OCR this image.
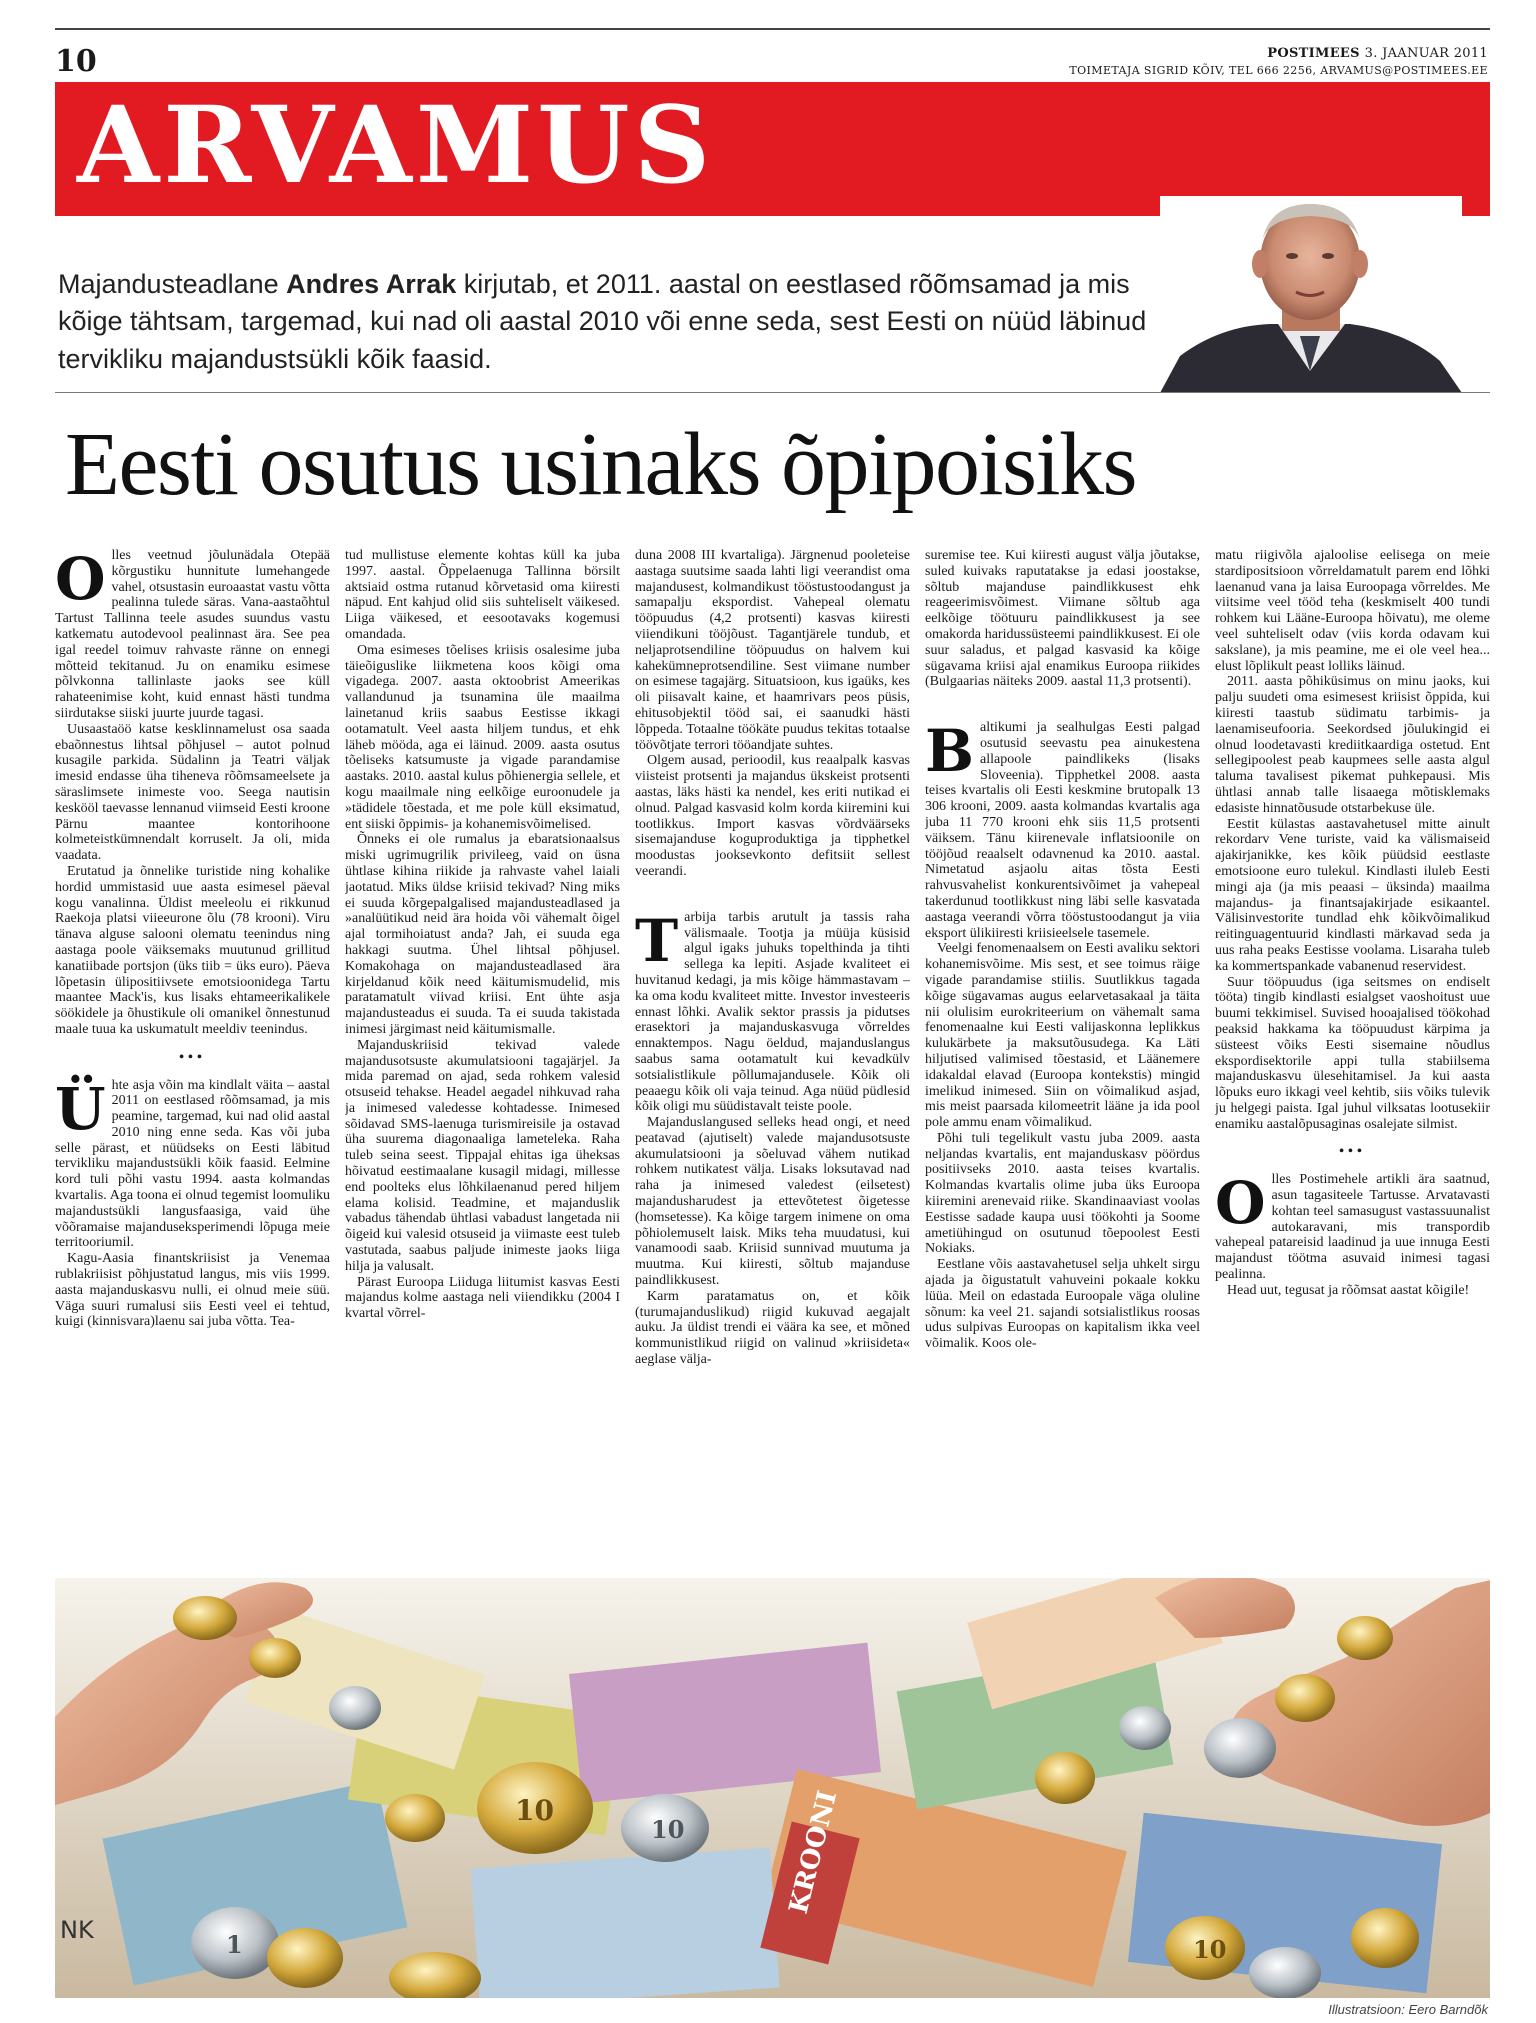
10	POSTIMEES 3. JAANUAR 2011
TOIMETAJA SIGRID KÕIV, TEL 666 2256, ARVAMUS@POSTIMEES.EE
ARVAMUS
Majandusteadlane Andres Arrak kirjutab, et 2011. aastal on eestlased rõõmsamad ja mis kõige tähtsam, targemad, kui nad oli aastal 2010 või enne seda, sest Eesti on nüüd läbinud tervikliku majandustsükli kõik faasid.
Eesti osutus usinaks õpipoisiks

Olles veetnud jõulunädala Otepää kõrgustiku hunnitute lumehangede vahel, otsustasin euroaastat vastu võtta pealinna tulede säras. Vana-aastaõhtul Tartust Tallinna teele asudes suundus vastu katkematu autodevool pealinnast ära. See pea igal reedel toimuv rahvaste ränne on ennegi mõtteid tekitanud. Ju on enamiku esimese põlvkonna tallinlaste jaoks see küll rahateenimise koht, kuid ennast hästi tundma siirdutakse siiski juurte juurde tagasi.

Uusaastaöö katse kesklinnamelust osa saada ebaõnnestus lihtsal põhjusel – autot polnud kusagile parkida. Südalinn ja Teatri väljak imesid endasse üha tiheneva rõõmsameelsete ja säraslimsete inimeste voo. Seega nautisin keskööl taevasse lennanud viimseid Eesti kroone Pärnu maantee kontorihoone kolmeteistkümnendalt korruselt. Ja oli, mida vaadata.

Erutatud ja õnnelike turistide ning kohalike hordid ummistasid uue aasta esimesel päeval kogu vanalinna. Üldist meeleolu ei rikkunud Raekoja platsi viieeurone õlu (78 krooni). Viru tänava alguse salooni olematu teenindus ning aastaga poole väiksemaks muutunud grillitud kanatiibade portsjon (üks tiib = üks euro). Päeva lõpetasin ülipositiivsete emotsioonidega Tartu maantee Mack'is, kus lisaks ehtameerikalikele söökidele ja õhustikule oli omanikel õnnestunud maale tuua ka uskumatult meeldiv teenindus.

•••

Ühte asja võin ma kindlalt väita – aastal 2011 on eestlased rõõmsamad, ja mis peamine, targemad, kui nad olid aastal 2010 ning enne seda. Kas või juba selle pärast, et nüüdseks on Eesti läbitud tervikliku majandustsükli kõik faasid. Eelmine kord tuli põhi vastu 1994. aasta kolmandas kvartalis. Aga toona ei olnud tegemist loomuliku majandustsükli langusfaasiga, vaid ühe võõramaise majanduseksperimendi lõpuga meie territooriumil.

Kagu-Aasia finantskriisist ja Venemaa rublakriisist põhjustatud langus, mis viis 1999. aasta majanduskasvu nulli, ei olnud meie süü. Väga suuri rumalusi siis Eesti veel ei tehtud, kuigi (kinnisvara)laenu sai juba võtta. Tea-

tud mullistuse elemente kohtas küll ka juba 1997. aastal. Õppelaenuga Tallinna börsilt aktsiaid ostma rutanud kõrvetasid oma kiiresti näpud. Ent kahjud olid siis suhteliselt väikesed. Liiga väikesed, et eesootavaks kogemusi omandada.

Oma esimeses tõelises kriisis osalesime juba täieõiguslike liikmetena koos kõigi oma vigadega. 2007. aasta oktoobrist Ameerikas vallandunud ja tsunamina üle maailma lainetanud kriis saabus Eestisse ikkagi ootamatult. Veel aasta hiljem tundus, et ehk läheb mööda, aga ei läinud. 2009. aasta osutus tõeliseks katsumuste ja vigade parandamise aastaks. 2010. aastal kulus põhienergia sellele, et kogu maailmale ning eelkõige euroonudele ja »tädidele tõestada, et me pole küll eksimatud, ent siiski õppimis- ja kohanemisvõimelised.

Õnneks ei ole rumalus ja ebaratsionaalsus miski ugrimugrilik privileeg, vaid on üsna ühtlase kihina riikide ja rahvaste vahel laiali jaotatud. Miks üldse kriisid tekivad? Ning miks ei suuda kõrgepalgalised majandusteadlased ja »analüütikud neid ära hoida või vähemalt õigel ajal tormihoiatust anda? Jah, ei suuda ega hakkagi suutma. Ühel lihtsal põhjusel. Komakohaga on majandusteadlased ära kirjeldanud kõik need käitumismudelid, mis paratamatult viivad kriisi. Ent ühte asja majandusteadus ei suuda. Ta ei suuda takistada inimesi järgimast neid käitumismalle.

Majanduskriisid tekivad valede majandusotsuste akumulatsiooni tagajärjel. Ja mida paremad on ajad, seda rohkem valesid otsuseid tehakse. Headel aegadel nihkuvad raha ja inimesed valedesse kohtadesse. Inimesed sõidavad SMS-laenuga turismireisile ja ostavad üha suurema diagonaaliga lameteleka. Raha tuleb seina seest. Tippajal ehitas iga üheksas hõivatud eestimaalane kusagil midagi, millesse end poolteks elus lõhkilaenanud pered hiljem elama kolisid. Teadmine, et majanduslik vabadus tähendab ühtlasi vabadust langetada nii õigeid kui valesid otsuseid ja viimaste eest tuleb vastutada, saabus paljude inimeste jaoks liiga hilja ja valusalt.

Pärast Euroopa Liiduga liitumist kasvas Eesti majandus kolme aastaga neli viiendikku (2004 I kvartal võrrel-

duna 2008 III kvartaliga). Järgnenud pooleteise aastaga suutsime saada lahti ligi veerandist oma majandusest, kolmandikust tööstustoodangust ja samapalju ekspordist. Vahepeal olematu tööpuudus (4,2 protsenti) kasvas kiiresti viiendikuni tööjõust. Tagantjärele tundub, et neljaprotsendiline tööpuudus on halvem kui kahekümneprotsendiline. Sest viimane number on esimese tagajärg. Situatsioon, kus igaüks, kes oli piisavalt kaine, et haamrivars peos püsis, ehitusobjektil tööd sai, ei saanudki hästi lõppeda. Totaalne töökäte puudus tekitas totaalse töövõtjate terrori tööandjate suhtes.

Olgem ausad, perioodil, kus reaalpalk kasvas viisteist protsenti ja majandus ükskeist protsenti aastas, läks hästi ka nendel, kes eriti nutikad ei olnud. Palgad kasvasid kolm korda kiiremini kui tootlikkus. Import kasvas võrdväärseks sisemajanduse koguproduktiga ja tipphetkel moodustas jooksevkonto defitsiit sellest veerandi.

Tarbija tarbis arutult ja tassis raha välismaale. Tootja ja müüja küsisid algul igaks juhuks topelthinda ja tihti sellega ka lepiti. Asjade kvaliteet ei huvitanud kedagi, ja mis kõige hämmastavam – ka oma kodu kvaliteet mitte. Investor investeeris ennast lõhki. Avalik sektor prassis ja pidutses erasektori ja majanduskasvuga võrreldes ennaktempos. Nagu öeldud, majanduslangus saabus sama ootamatult kui kevadkülv sotsialistlikule põllumajandusele. Kõik oli peaaegu kõik oli vaja teinud. Aga nüüd püdlesid kõik oligi mu süüdistavalt teiste poole.

Majanduslangused selleks head ongi, et need peatavad (ajutiselt) valede majandusotsuste akumulatsiooni ja sõeluvad vähem nutikad rohkem nutikatest välja. Lisaks loksutavad nad raha ja inimesed valedest (eilsetest) majandusharudest ja ettevõtetest õigetesse (homsetesse). Ka kõige targem inimene on oma põhiolemuselt laisk. Miks teha muudatusi, kui vanamoodi saab. Kriisid sunnivad muutuma ja muutma. Kui kiiresti, sõltub majanduse paindlikkusest.

Karm paratamatus on, et kõik (turumajanduslikud) riigid kukuvad aegajalt auku. Ja üldist trendi ei väära ka see, et mõned kommunistlikud riigid on valinud »kriisideta« aeglase välja-

suremise tee. Kui kiiresti august välja jõutakse, suled kuivaks raputatakse ja edasi joostakse, sõltub majanduse paindlikkusest ehk reageerimisvõimest. Viimane sõltub aga eelkõige töötuuru paindlikkusest ja see omakorda haridussüsteemi paindlikkusest. Ei ole suur saladus, et palgad kasvasid ka kõige sügavama kriisi ajal enamikus Euroopa riikides (Bulgaarias näiteks 2009. aastal 11,3 protsenti).

Baltikumi ja sealhulgas Eesti palgad osutusid seevastu pea ainukestena allapoole paindlikeks (lisaks Sloveenia). Tipphetkel 2008. aasta teises kvartalis oli Eesti keskmine brutopalk 13 306 krooni, 2009. aasta kolmandas kvartalis aga juba 11 770 krooni ehk siis 11,5 protsenti väiksem. Tänu kiirenevale inflatsioonile on tööjõud reaalselt odavnenud ka 2010. aastal. Nimetatud asjaolu aitas tõsta Eesti rahvusvahelist konkurentsivõimet ja vahepeal takerdunud tootlikkust ning läbi selle kasvatada aastaga veerandi võrra tööstustoodangut ja viia eksport ülikiiresti kriisieelsele tasemele.

Veelgi fenomenaalsem on Eesti avaliku sektori kohanemisvõime. Mis sest, et see toimus räige vigade parandamise stiilis. Suutlikkus tagada kõige sügavamas augus eelarvetasakaal ja täita nii olulisim eurokriteerium on vähemalt sama fenomenaalne kui Eesti valijaskonna leplikkus kulukärbete ja maksutõusudega. Ka Läti hiljutised valimised tõestasid, et Läänemere idakaldal elavad (Euroopa kontekstis) mingid imelikud inimesed. Siin on võimalikud asjad, mis meist paarsada kilomeetrit lääne ja ida pool pole ammu enam võimalikud.

Põhi tuli tegelikult vastu juba 2009. aasta neljandas kvartalis, ent majanduskasv pöördus positiivseks 2010. aasta teises kvartalis. Kolmandas kvartalis olime juba üks Euroopa kiiremini arenevaid riike. Skandinaaviast voolas Eestisse sadade kaupa uusi töökohti ja Soome ametiühingud on osutunud tõepoolest Eesti Nokiaks.

Eestlane võis aastavahetusel selja uhkelt sirgu ajada ja õigustatult vahuveini pokaale kokku lüüa. Meil on edastada Euroopale väga oluline sõnum: ka veel 21. sajandi sotsialistlikus roosas udus sulpivas Euroopas on kapitalism ikka veel võimalik. Koos ole-

matu riigivõla ajaloolise eelisega on meie stardipositsioon võrreldamatult parem end lõhki laenanud vana ja laisa Euroopaga võrreldes. Me viitsime veel tööd teha (keskmiselt 400 tundi rohkem kui Lääne-Euroopa hõivatu), me oleme veel suhteliselt odav (viis korda odavam kui sakslane), ja mis peamine, me ei ole veel hea... elust lõplikult peast lolliks läinud.

2011. aasta põhiküsimus on minu jaoks, kui palju suudeti oma esimesest kriisist õppida, kui kiiresti taastub südimatu tarbimis- ja laenamiseufooria. Seekordsed jõulukingid ei olnud loodetavasti krediitkaardiga ostetud. Ent sellegipoolest peab kaupmees selle aasta algul taluma tavalisest pikemat puhkepausi. Mis ühtlasi annab talle lisaaega mõtisklemaks edasiste hinnatõusude otstarbekuse üle.

Eestit külastas aastavahetusel mitte ainult rekordarv Vene turiste, vaid ka välismaiseid ajakirjanikke, kes kõik püüdsid eestlaste emotsioone euro tulekul. Kindlasti iluleb Eesti mingi aja (ja mis peaasi – üksinda) maailma majandus- ja finantsajakirjade esikaantel. Välisinvestorite tundlad ehk kõikvõimalikud reitinguagentuurid kindlasti märkavad seda ja uus raha peaks Eestisse voolama. Lisaraha tuleb ka kommertspankade vabanenud reservidest.

Suur tööpuudus (iga seitsmes on endiselt tööta) tingib kindlasti esialgset vaoshoitust uue buumi tekkimisel. Suvised hooajalised töökohad peaksid hakkama ka tööpuudust kärpima ja süsteest võiks Eesti sisemaine nõudlus ekspordisektorile appi tulla stabiilsema majanduskasvu ülesehitamisel. Ja kui aasta lõpuks euro ikkagi veel kehtib, siis võiks tulevik ju helgegi paista. Igal juhul vilksatas lootusekiir enamiku aastalõpusaginas osalejate silmist.

•••

Olles Postimehele artikli ära saatnud, asun tagasiteele Tartusse. Arvatavasti kohtan teel samasugust vastassuunalist autokaravani, mis transpordib vahepeal patareisid laadinud ja uue innuga Eesti majandust töötma asuvaid inimesi tagasi pealinna.

Head uut, tegusat ja rõõmsat aastat kõigile!

KROONI
NK
10
10
1	10
Illustratsioon: Eero Barndõk
